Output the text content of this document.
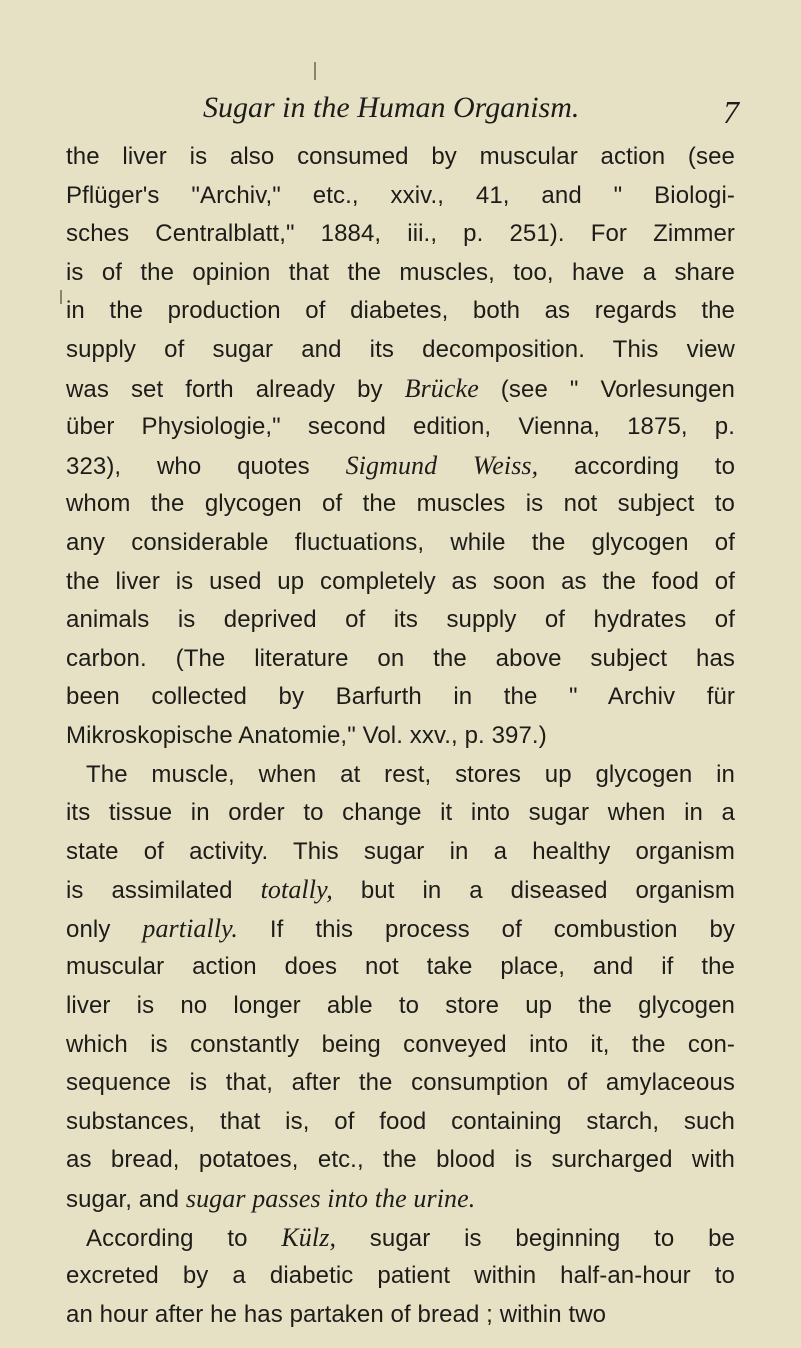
Sugar in the Human Organism.	7
the liver is also consumed by muscular action (see
Pflüger's "Archiv," etc., xxiv., 41, and " Biologi-
sches Centralblatt," 1884, iii., p. 251). For Zimmer
is of the opinion that the muscles, too, have a share
in the production of diabetes, both as regards the
supply of sugar and its decomposition. This view
was set forth already by Brücke (see " Vorlesungen
über Physiologie," second edition, Vienna, 1875, p.
323), who quotes Sigmund Weiss, according to
whom the glycogen of the muscles is not subject to
any considerable fluctuations, while the glycogen of
the liver is used up completely as soon as the food of
animals is deprived of its supply of hydrates of
carbon. (The literature on the above subject has
been collected by Barfurth in the " Archiv für
Mikroskopische Anatomie," Vol. xxv., p. 397.)
The muscle, when at rest, stores up glycogen in
its tissue in order to change it into sugar when in a
state of activity. This sugar in a healthy organism
is assimilated totally, but in a diseased organism
only partially. If this process of combustion by
muscular action does not take place, and if the
liver is no longer able to store up the glycogen
which is constantly being conveyed into it, the con-
sequence is that, after the consumption of amylaceous
substances, that is, of food containing starch, such
as bread, potatoes, etc., the blood is surcharged with
sugar, and sugar passes into the urine.
According to Külz, sugar is beginning to be
excreted by a diabetic patient within half-an-hour to
an hour after he has partaken of bread ; within two
